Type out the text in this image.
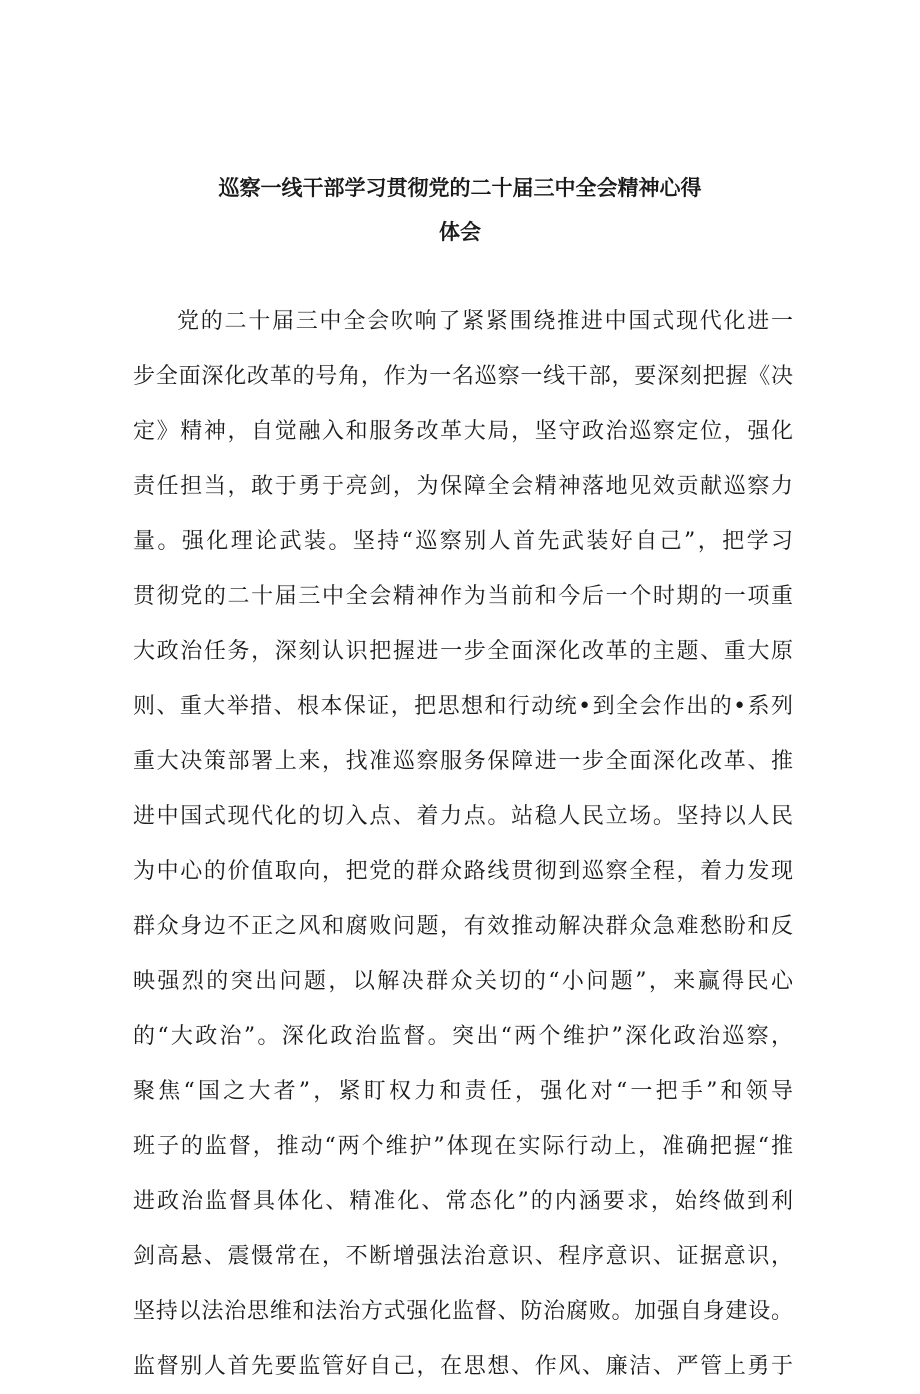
巡察一线干部学习贯彻党的二十届三中全会精神心得
体会
党的二十届三中全会吹响了紧紧围绕推进中国式现代化进一
步全面深化改革的号角，作为一名巡察一线干部，要深刻把握《决
定》精神，自觉融入和服务改革大局，坚守政治巡察定位，强化
责任担当，敢于勇于亮剑，为保障全会精神落地见效贡献巡察力
量。强化理论武装。坚持“巡察别人首先武装好自己”，把学习
贯彻党的二十届三中全会精神作为当前和今后一个时期的一项重
大政治任务，深刻认识把握进一步全面深化改革的主题、重大原
则、重大举措、根本保证，把思想和行动统•到全会作出的•系列
重大决策部署上来，找准巡察服务保障进一步全面深化改革、推
进中国式现代化的切入点、着力点。站稳人民立场。坚持以人民
为中心的价值取向，把党的群众路线贯彻到巡察全程，着力发现
群众身边不正之风和腐败问题，有效推动解决群众急难愁盼和反
映强烈的突出问题，以解决群众关切的“小问题”，来赢得民心
的“大政治”。深化政治监督。突出“两个维护”深化政治巡察，
聚焦“国之大者”，紧盯权力和责任，强化对“一把手”和领导
班子的监督，推动“两个维护”体现在实际行动上，准确把握“推
进政治监督具体化、精准化、常态化”的内涵要求，始终做到利
剑高悬、震慑常在，不断增强法治意识、程序意识、证据意识，
坚持以法治思维和法治方式强化监督、防治腐败。加强自身建设。
监督别人首先要监管好自己，在思想、作风、廉洁、严管上勇于
